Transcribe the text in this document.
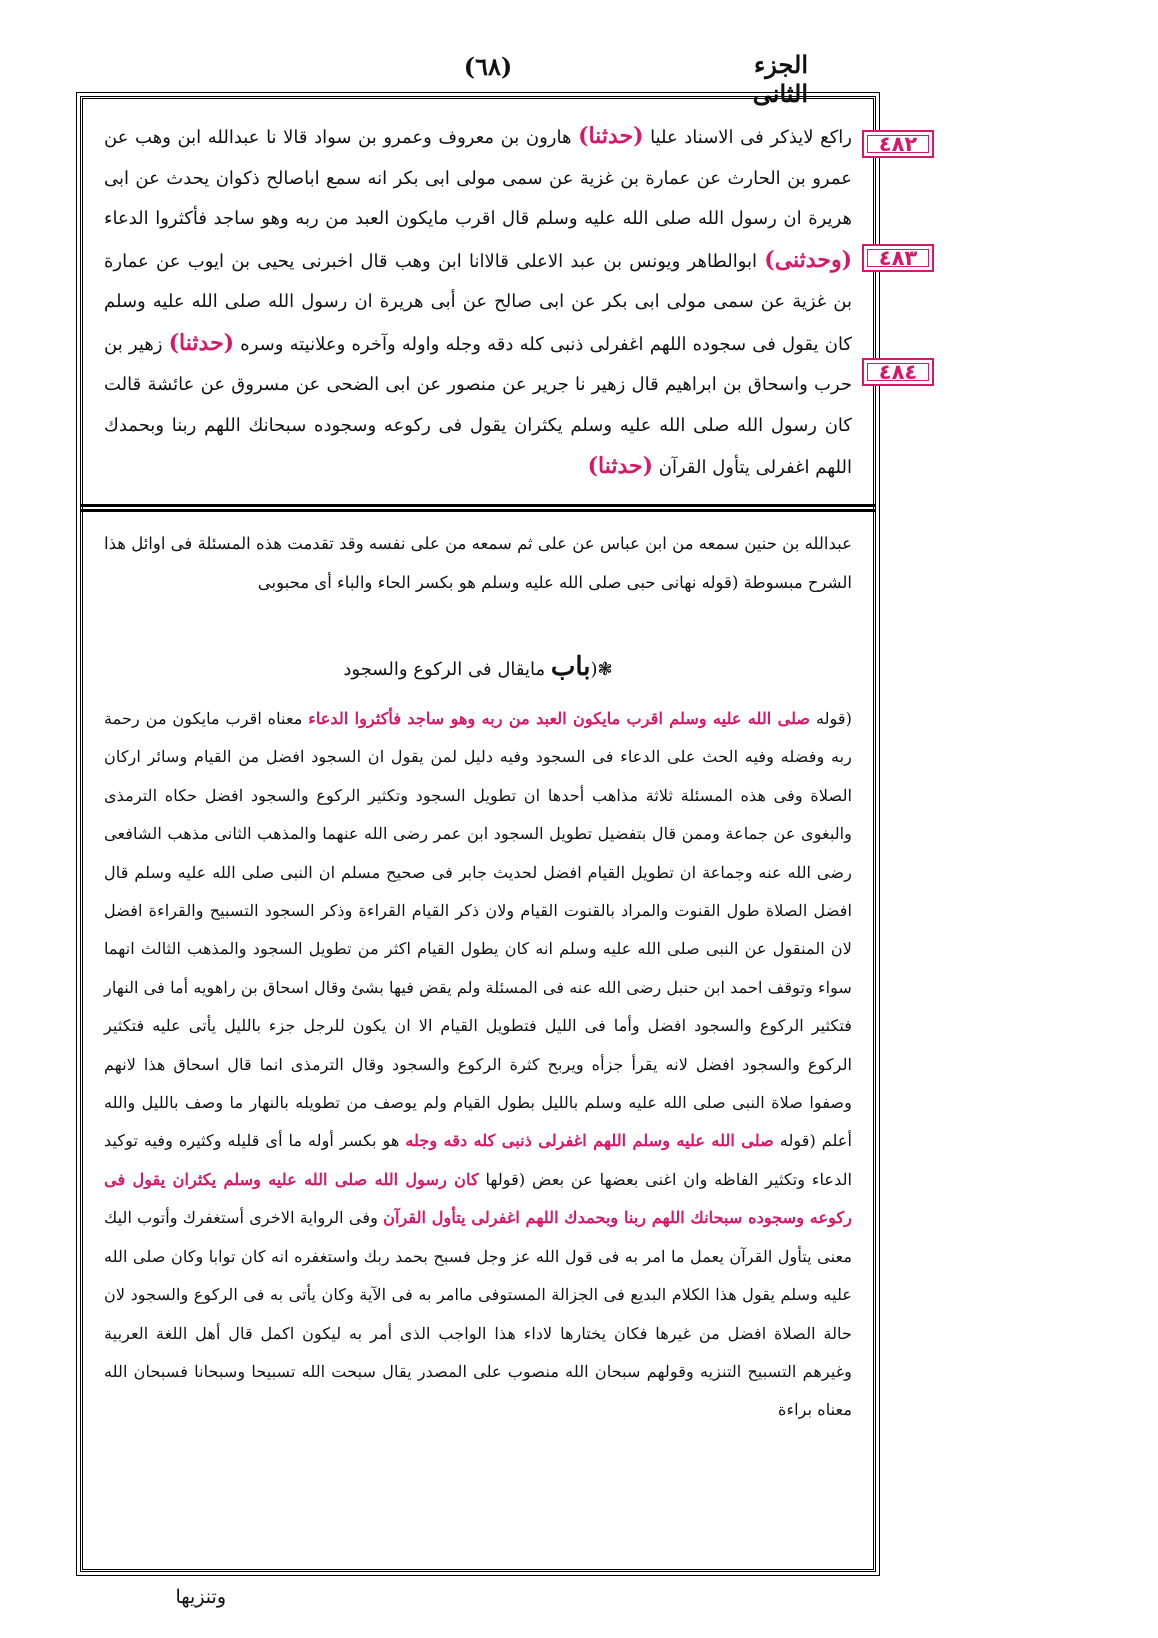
الجزء الثانى
(٦٨)
٤٨٢
٤٨٣
٤٨٤
راكع لايذكر فى الاسناد عليا (حدثنا) هارون بن معروف وعمرو بن سواد قالا نا عبدالله ابن وهب عن عمرو بن الحارث عن عمارة بن غزية عن سمى مولى ابى بكر انه سمع اباصالح ذكوان يحدث عن ابى هريرة ان رسول الله صلى الله عليه وسلم قال اقرب مايكون العبد من ربه وهو ساجد فأكثروا الدعاء (وحدثنى) ابوالطاهر ويونس بن عبد الاعلى قالاانا ابن وهب قال اخبرنى يحيى بن ايوب عن عمارة بن غزية عن سمى مولى ابى بكر عن ابى صالح عن أبى هريرة ان رسول الله صلى الله عليه وسلم كان يقول فى سجوده اللهم اغفرلى ذنبى كله دقه وجله واوله وآخره وعلانيته وسره (حدثنا) زهير بن حرب واسحاق بن ابراهيم قال زهير نا جرير عن منصور عن ابى الضحى عن مسروق عن عائشة قالت كان رسول الله صلى الله عليه وسلم يكثران يقول فى ركوعه وسجوده سبحانك اللهم ربنا وبحمدك اللهم اغفرلى يتأول القرآن (حدثنا)
عبدالله بن حنين سمعه من ابن عباس عن على ثم سمعه من على نفسه وقد تقدمت هذه المسئلة فى اوائل هذا الشرح مبسوطة (قوله نهانى حبى صلى الله عليه وسلم هو بكسر الحاء والباء أى محبوبى
❃(باب مايقال فى الركوع والسجود
(قوله صلى الله عليه وسلم اقرب مايكون العبد من ربه وهو ساجد فأكثروا الدعاء معناه اقرب مايكون من رحمة ربه وفضله وفيه الحث على الدعاء فى السجود وفيه دليل لمن يقول ان السجود افضل من القيام وسائر اركان الصلاة وفى هذه المسئلة ثلاثة مذاهب أحدها ان تطويل السجود وتكثير الركوع والسجود افضل حكاه الترمذى والبغوى عن جماعة وممن قال بتفضيل تطويل السجود ابن عمر رضى الله عنهما والمذهب الثانى مذهب الشافعى رضى الله عنه وجماعة ان تطويل القيام افضل لحديث جابر فى صحيح مسلم ان النبى صلى الله عليه وسلم قال افضل الصلاة طول القنوت والمراد بالقنوت القيام ولان ذكر القيام القراءة وذكر السجود التسبيح والقراءة افضل لان المنقول عن النبى صلى الله عليه وسلم انه كان يطول القيام اكثر من تطويل السجود والمذهب الثالث انهما سواء وتوقف احمد ابن حنبل رضى الله عنه فى المسئلة ولم يقض فيها بشئ وقال اسحاق بن راهويه أما فى النهار فتكثير الركوع والسجود افضل وأما فى الليل فتطويل القيام الا ان يكون للرجل جزء بالليل يأتى عليه فتكثير الركوع والسجود افضل لانه يقرأ جزأه ويربح كثرة الركوع والسجود وقال الترمذى انما قال اسحاق هذا لانهم وصفوا صلاة النبى صلى الله عليه وسلم بالليل بطول القيام ولم يوصف من تطويله بالنهار ما وصف بالليل والله أعلم (قوله صلى الله عليه وسلم اللهم اغفرلى ذنبى كله دقه وجله هو بكسر أوله ما أى قليله وكثيره وفيه توكيد الدعاء وتكثير الفاظه وان اغنى بعضها عن بعض (قولها كان رسول الله صلى الله عليه وسلم يكثران يقول فى ركوعه وسجوده سبحانك اللهم ربنا وبحمدك اللهم اغفرلى يتأول القرآن وفى الرواية الاخرى أستغفرك وأتوب اليك معنى يتأول القرآن يعمل ما امر به فى قول الله عز وجل فسبح بحمد ربك واستغفره انه كان توابا وكان صلى الله عليه وسلم يقول هذا الكلام البديع فى الجزالة المستوفى ماامر به فى الآية وكان يأتى به فى الركوع والسجود لان حالة الصلاة افضل من غيرها فكان يختارها لاداء هذا الواجب الذى أمر به ليكون اكمل قال أهل اللغة العربية وغيرهم التسبيح التنزيه وقولهم سبحان الله منصوب على المصدر يقال سبحت الله تسبيحا وسبحانا فسبحان الله معناه براءة
وتنزيها
